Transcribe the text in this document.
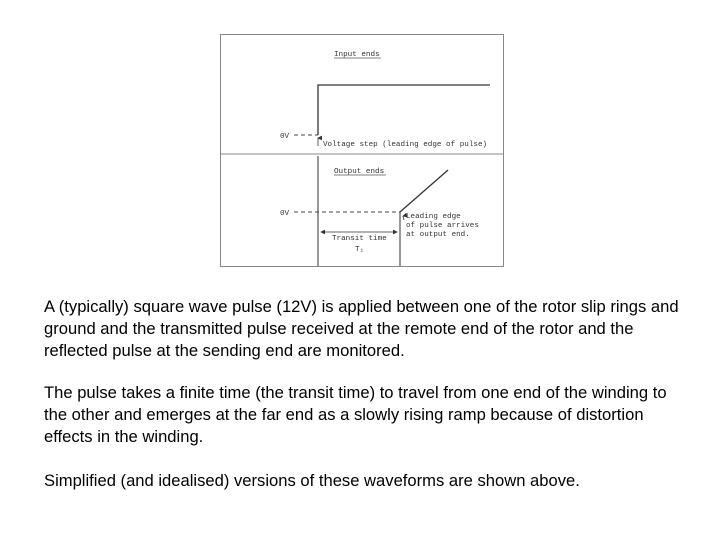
Input ends
0V
Voltage step (leading edge of pulse)
Output ends
0V	Leading edge
of pulse arrives
at output end.
Transit time
T₁

A (typically) square wave pulse (12V) is applied between one of the rotor slip rings and ground and the transmitted pulse received at the remote end of the rotor and the reflected pulse at the sending end are monitored.

The pulse takes a finite time (the transit time) to travel from one end of the winding to the other and emerges at the far end as a slowly rising ramp because of distortion effects in the winding.

Simplified (and idealised) versions of these waveforms are shown above.
